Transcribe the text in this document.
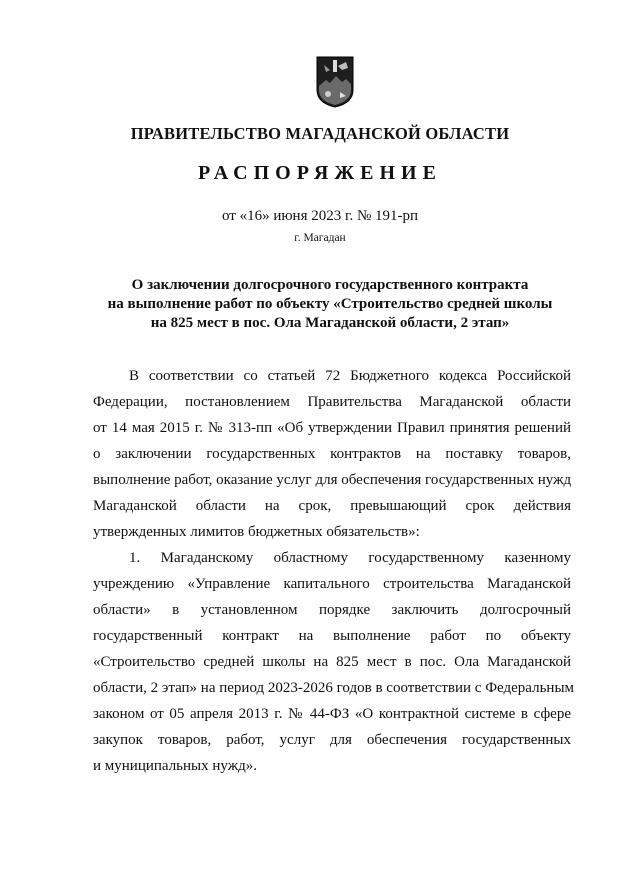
ПРАВИТЕЛЬСТВО МАГАДАНСКОЙ ОБЛАСТИ
РАСПОРЯЖЕНИЕ
от «16» июня 2023 г. № 191-рп
г. Магадан
О заключении долгосрочного государственного контракта
на выполнение работ по объекту «Строительство средней школы
на 825 мест в пос. Ола Магаданской области, 2 этап»
В соответствии со статьей 72 Бюджетного кодекса Российской
Федерации, постановлением Правительства Магаданской области
от 14 мая 2015 г. № 313-пп «Об утверждении Правил принятия решений
о заключении государственных контрактов на поставку товаров,
выполнение работ, оказание услуг для обеспечения государственных нужд
Магаданской области на срок, превышающий срок действия
утвержденных лимитов бюджетных обязательств»:
1. Магаданскому областному государственному казенному
учреждению «Управление капитального строительства Магаданской
области» в установленном порядке заключить долгосрочный
государственный контракт на выполнение работ по объекту
«Строительство средней школы на 825 мест в пос. Ола Магаданской
области, 2 этап» на период 2023-2026 годов в соответствии с Федеральным
законом от 05 апреля 2013 г. № 44-ФЗ «О контрактной системе в сфере
закупок товаров, работ, услуг для обеспечения государственных
и муниципальных нужд».
